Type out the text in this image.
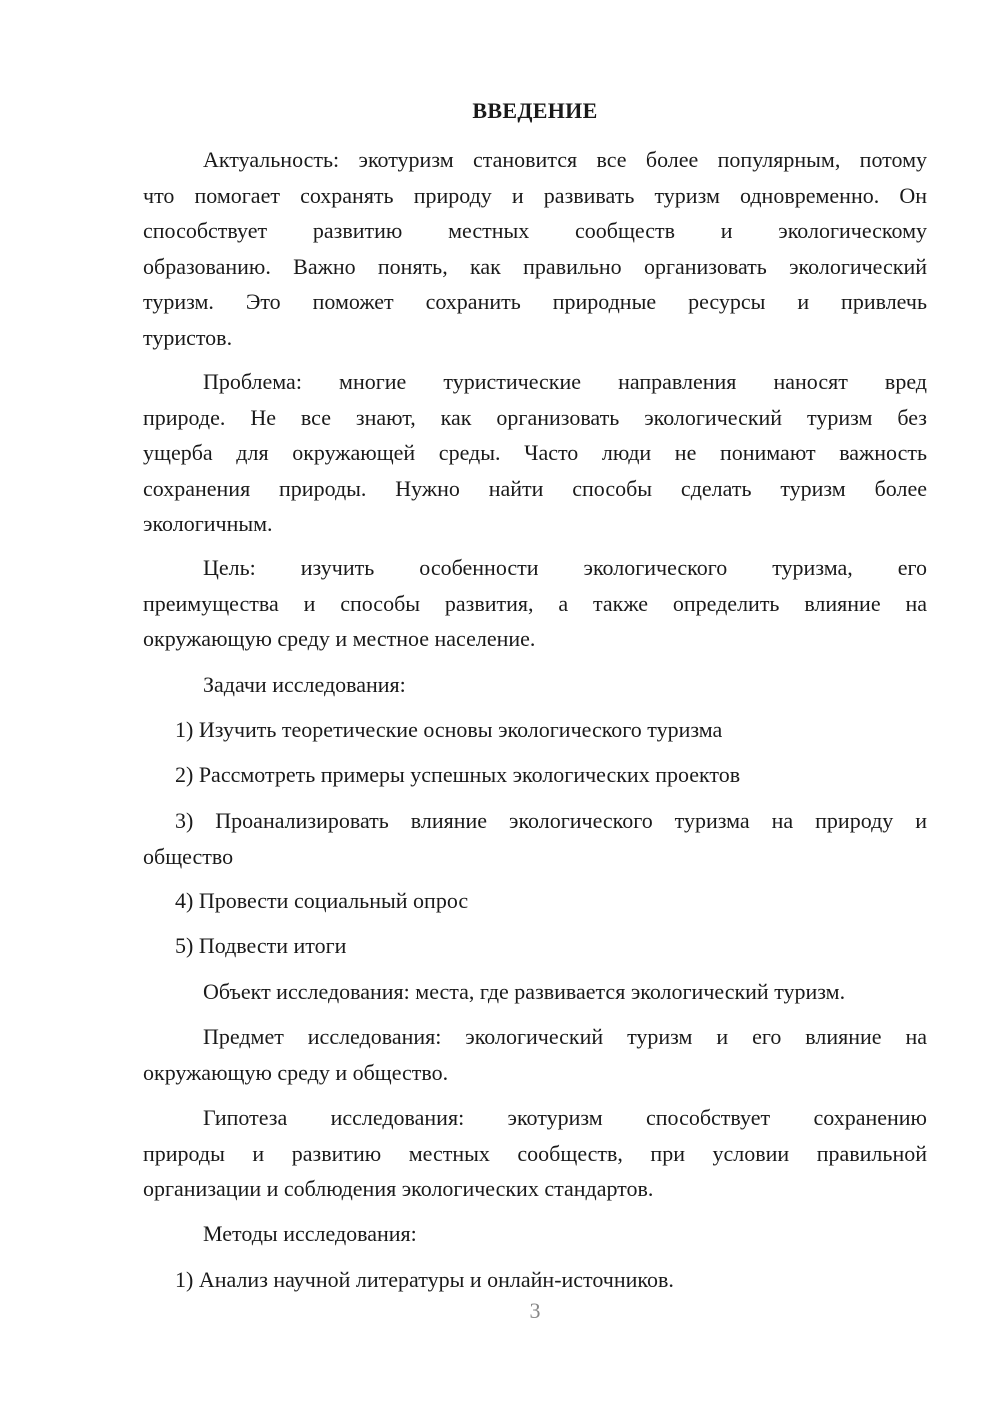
ВВЕДЕНИЕ
Актуальность: экотуризм становится все более популярным, потому
что помогает сохранять природу и развивать туризм одновременно. Он
способствует развитию местных сообществ и экологическому
образованию. Важно понять, как правильно организовать экологический
туризм. Это поможет сохранить природные ресурсы и привлечь
туристов.
Проблема: многие туристические направления наносят вред
природе. Не все знают, как организовать экологический туризм без
ущерба для окружающей среды. Часто люди не понимают важность
сохранения природы. Нужно найти способы сделать туризм более
экологичным.
Цель: изучить особенности экологического туризма, его
преимущества и способы развития, а также определить влияние на
окружающую среду и местное население.
Задачи исследования:
1) Изучить теоретические основы экологического туризма
2) Рассмотреть примеры успешных экологических проектов
3) Проанализировать влияние экологического туризма на природу и
общество
4) Провести социальный опрос
5) Подвести итоги
Объект исследования: места, где развивается экологический туризм.
Предмет исследования: экологический туризм и его влияние на
окружающую среду и общество.
Гипотеза исследования: экотуризм способствует сохранению
природы и развитию местных сообществ, при условии правильной
организации и соблюдения экологических стандартов.
Методы исследования:
1) Анализ научной литературы и онлайн-источников.
3
